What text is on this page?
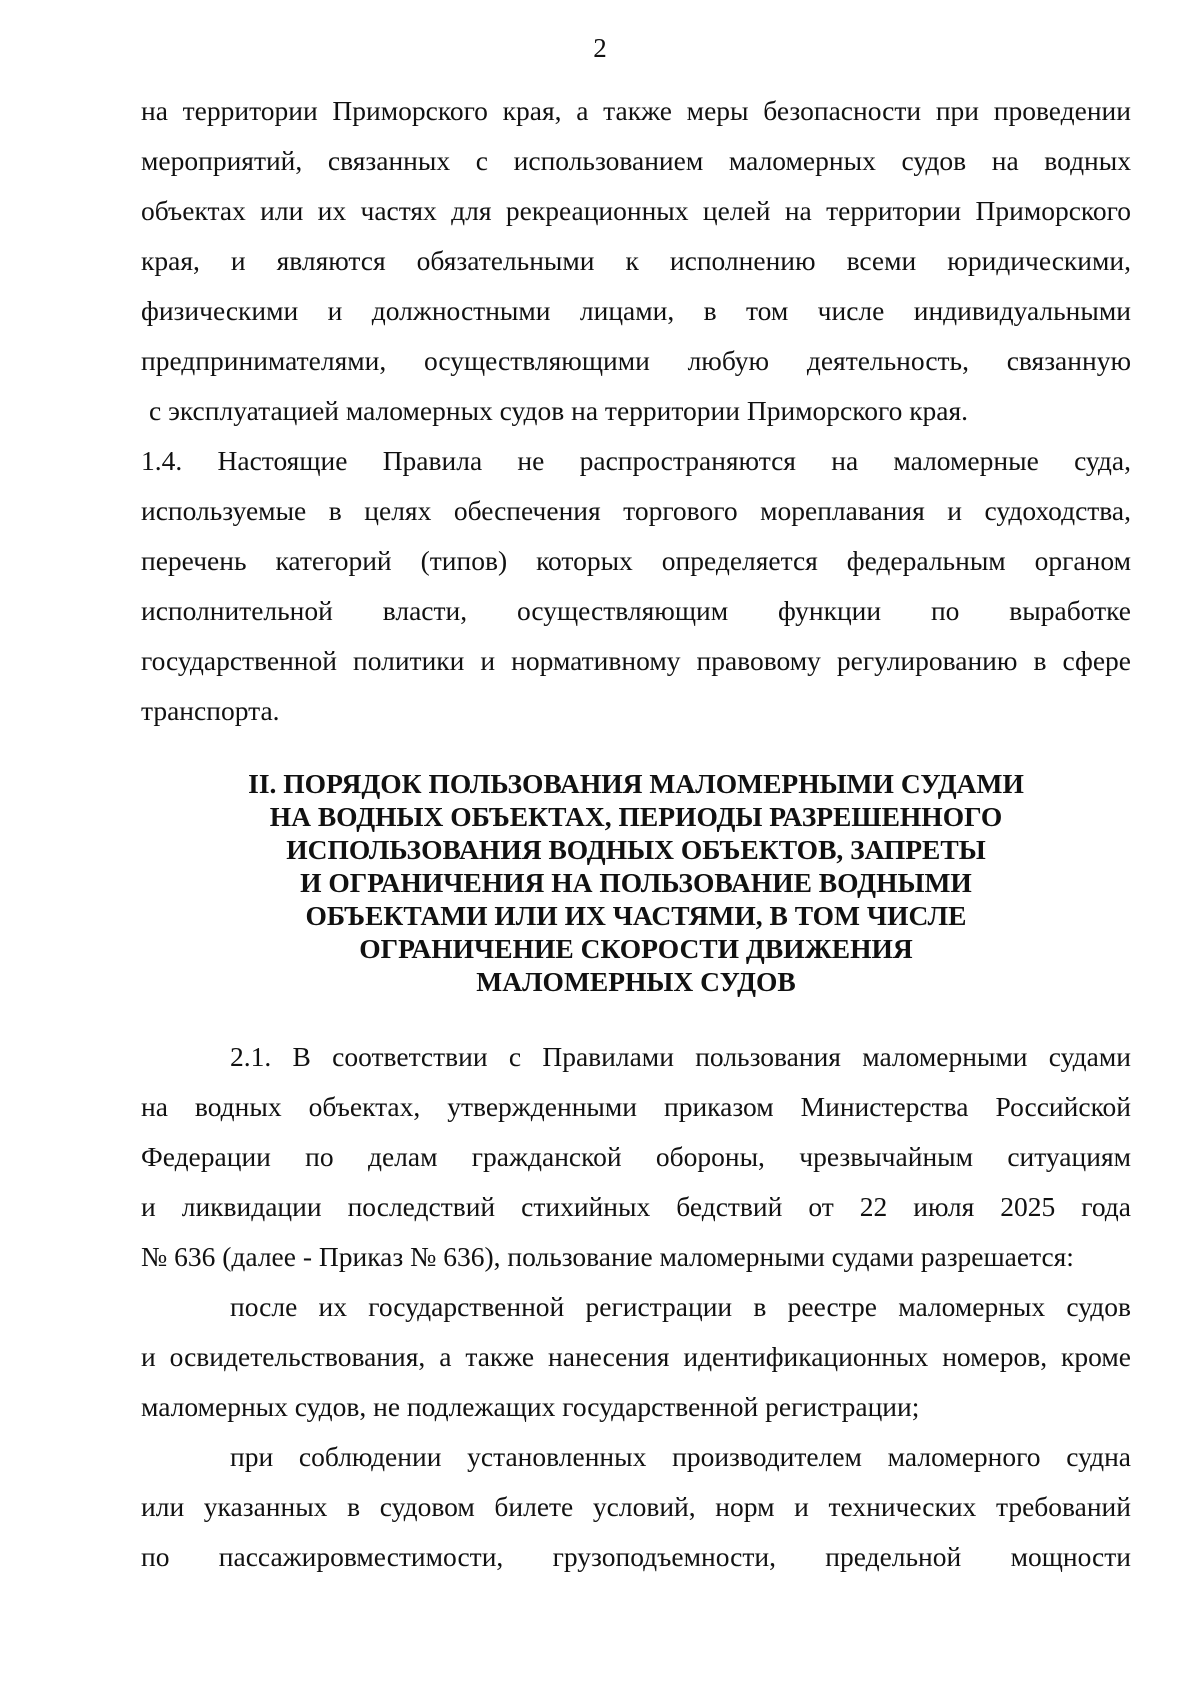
2

на территории Приморского края, а также меры безопасности при проведении

мероприятий, связанных с использованием маломерных судов на водных

объектах или их частях для рекреационных целей на территории Приморского

края, и являются обязательными к исполнению всеми юридическими,

физическими и должностными лицами, в том числе индивидуальными

предпринимателями, осуществляющими любую деятельность, связанную

с эксплуатацией маломерных судов на территории Приморского края.

1.4. Настоящие Правила не распространяются на маломерные суда,

используемые в целях обеспечения торгового мореплавания и судоходства,

перечень категорий (типов) которых определяется федеральным органом

исполнительной власти, осуществляющим функции по выработке

государственной политики и нормативному правовому регулированию в сфере

транспорта.

II. ПОРЯДОК ПОЛЬЗОВАНИЯ МАЛОМЕРНЫМИ СУДАМИ
НА ВОДНЫХ ОБЪЕКТАХ, ПЕРИОДЫ РАЗРЕШЕННОГО
ИСПОЛЬЗОВАНИЯ ВОДНЫХ ОБЪЕКТОВ, ЗАПРЕТЫ
И ОГРАНИЧЕНИЯ НА ПОЛЬЗОВАНИЕ ВОДНЫМИ
ОБЪЕКТАМИ ИЛИ ИХ ЧАСТЯМИ, В ТОМ ЧИСЛЕ
ОГРАНИЧЕНИЕ СКОРОСТИ ДВИЖЕНИЯ
МАЛОМЕРНЫХ СУДОВ

2.1. В соответствии с Правилами пользования маломерными судами

на водных объектах, утвержденными приказом Министерства Российской

Федерации по делам гражданской обороны, чрезвычайным ситуациям

и ликвидации последствий стихийных бедствий от 22 июля 2025 года

№ 636 (далее - Приказ № 636), пользование маломерными судами разрешается:

после их государственной регистрации в реестре маломерных судов

и освидетельствования, а также нанесения идентификационных номеров, кроме

маломерных судов, не подлежащих государственной регистрации;

при соблюдении установленных производителем маломерного судна

или указанных в судовом билете условий, норм и технических требований

по пассажировместимости, грузоподъемности, предельной мощности
